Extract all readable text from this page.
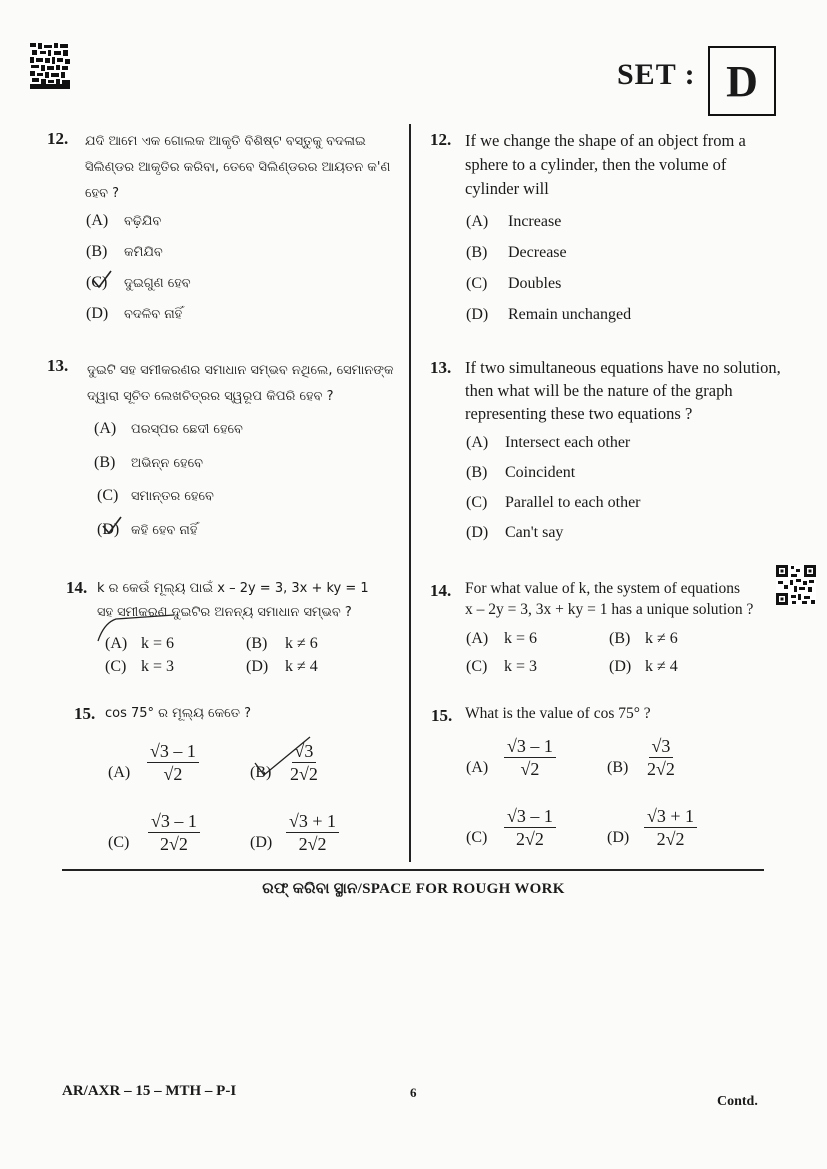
SET : D
12. ଯଦି ଆମେ ଏକ ଗୋଲକ ଆକୃତି ବିଶିଷ୍ଟ ବସ୍ତୁକୁ ବଦଳାଇ ସିଲିଣ୍ଡର ଆକୃତିର କରିବା, ତେବେ ସିଲିଣ୍ଡରର ଆୟତନ କ'ଣ ହେବ ?
(A) ବଢ଼ିଯିବ
(B) କମିଯିବ
(C) ଦୁଇଗୁଣ ହେବ
(D) ବଦଳିବ ନାହିଁ
13. ଦୁଇଟି ସହ ସମୀକରଣର ସମାଧାନ ସମ୍ଭବ ନଥିଲେ, ସେମାନଙ୍କ ଦ୍ୱାରା ସୂଚିତ ଲେଖଚିତ୍ରର ସ୍ୱରୂପ କିପରି ହେବ ?
(A) ପରସ୍ପର ଛେଦୀ ହେବେ
(B) ଅଭିନ୍ନ ହେବେ
(C) ସମାନ୍ତର ହେବେ
(D) କହି ହେବ ନାହିଁ
14. k ର କେଉଁ ମୂଲ୍ୟ ପାଇଁ x – 2y = 3, 3x + ky = 1
ସହ ସମୀକରଣ ଦୁଇଟିର ଅନନ୍ୟ ସମାଧାନ ସମ୍ଭବ ?
(A) k = 6	(B) k ≠ 6
(C) k = 3	(D) k ≠ 4
15. cos 75° ର ମୂଲ୍ୟ କେତେ ?
$(A) \frac{√3 - 1}{√2}$	$(B) \frac{√3}{2√2}$
$(C) \frac{√3 - 1}{2√2}$	$(D) \frac{√3 + 1}{2√2}$
12. If we change the shape of an object from a sphere to a cylinder, then the volume of cylinder will
(A) Increase
(B) Decrease
(C) Doubles
(D) Remain unchanged
13. If two simultaneous equations have no solution, then what will be the nature of the graph representing these two equations ?
(A) Intersect each other
(B) Coincident
(C) Parallel to each other
(D) Can't say
14. For what value of k, the system of equations
x – 2y = 3, 3x + ky = 1 has a unique solution ?
(A) k = 6	(B) k ≠ 6
(C) k = 3	(D) k ≠ 4
15. What is the value of cos 75° ?
$(A) \frac{√3 - 1}{√2}$	$(B) \frac{√3}{2√2}$
$(C) \frac{√3 - 1}{2√2}$	$(D) \frac{√3 + 1}{2√2}$
ରଫ୍ କରିବା ସ୍ଥାନ/SPACE FOR ROUGH WORK
AR/AXR – 15 – MTH – P-I	6
Contd.
